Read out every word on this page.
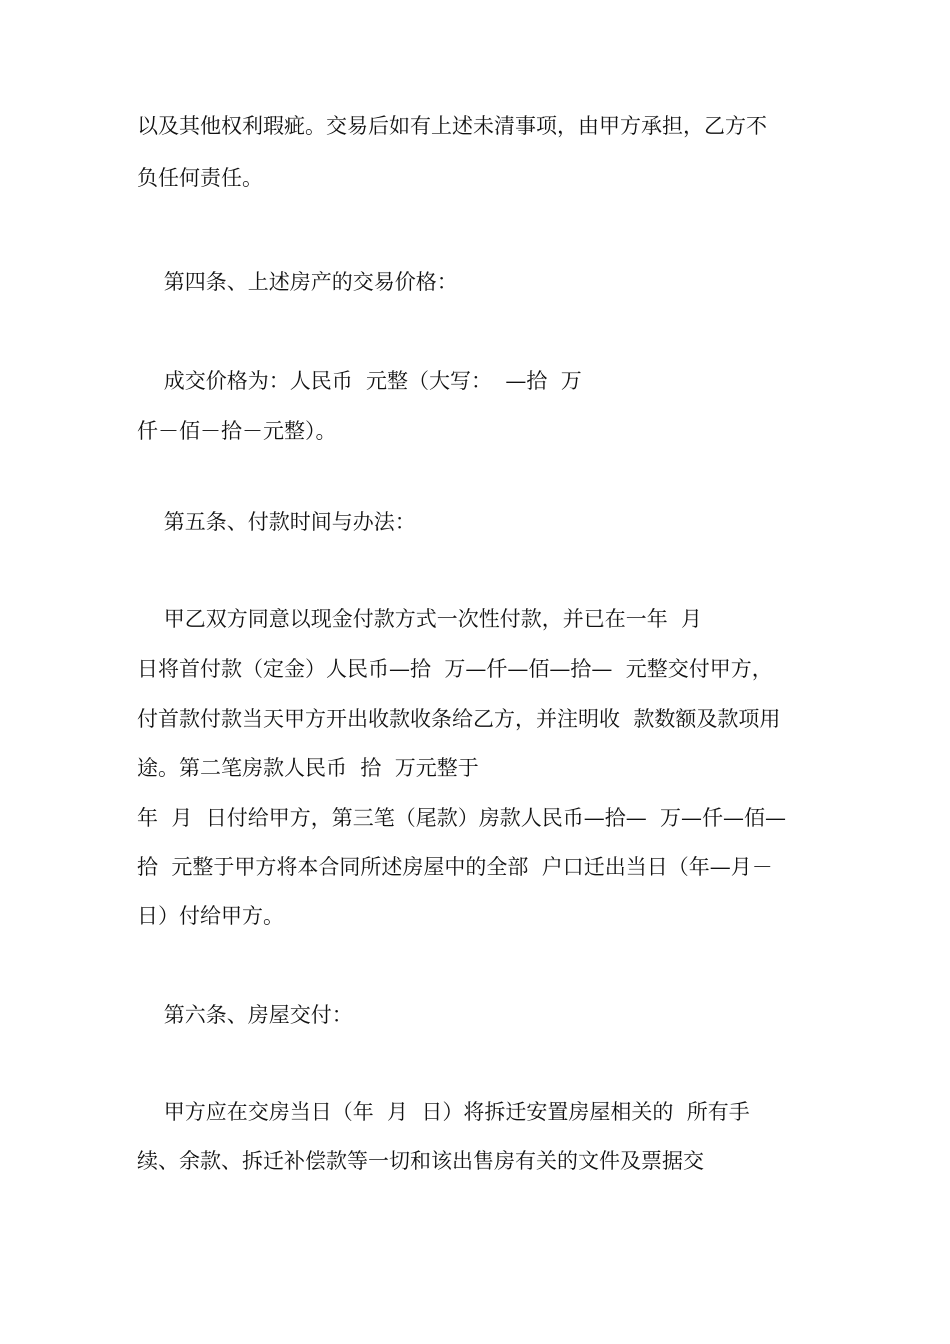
以及其他权利瑕疵。交易后如有上述未清事项，由甲方承担，乙方不
负任何责任。
第四条、上述房产的交易价格：
成交价格为：人民币  元整（大写：  —拾  万
仟－佰－拾－元整）。
第五条、付款时间与办法：
甲乙双方同意以现金付款方式一次性付款，并已在一年  月
日将首付款（定金）人民币—拾  万—仟—佰—拾—  元整交付甲方，
付首款付款当天甲方开出收款收条给乙方，并注明收  款数额及款项用
途。第二笔房款人民币  拾  万元整于
年  月  日付给甲方，第三笔（尾款）房款人民币—拾—  万—仟—佰—
拾  元整于甲方将本合同所述房屋中的全部  户口迁出当日（年—月－
日）付给甲方。
第六条、房屋交付：
甲方应在交房当日（年  月  日）将拆迁安置房屋相关的  所有手
续、余款、拆迁补偿款等一切和该出售房有关的文件及票据交
